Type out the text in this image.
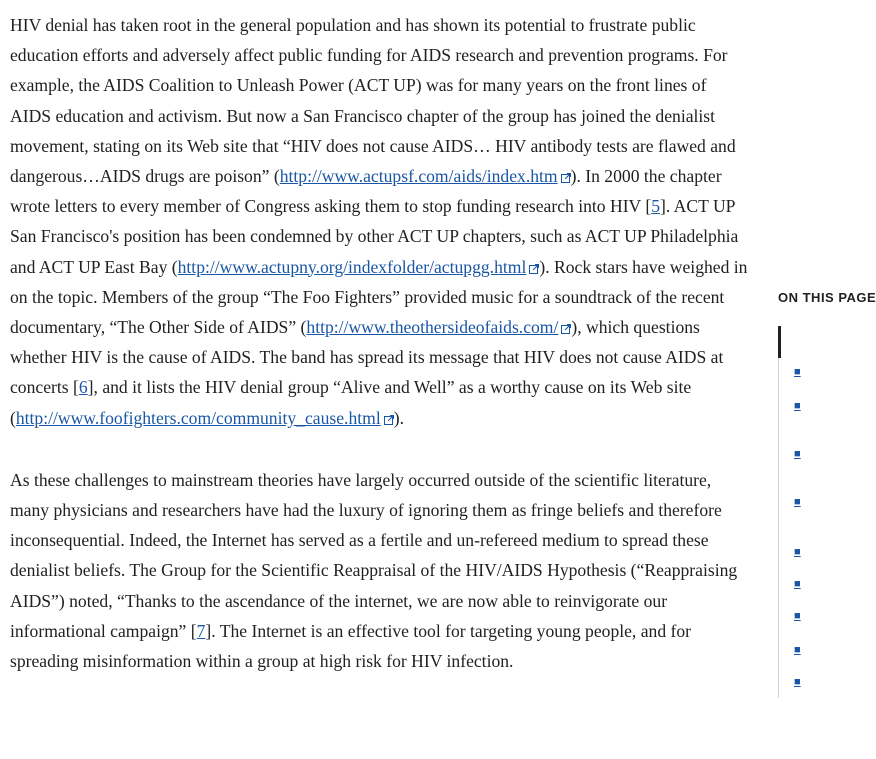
HIV denial has taken root in the general population and has shown its potential to frustrate public education efforts and adversely affect public funding for AIDS research and prevention programs. For example, the AIDS Coalition to Unleash Power (ACT UP) was for many years on the front lines of AIDS education and activism. But now a San Francisco chapter of the group has joined the denialist movement, stating on its Web site that “HIV does not cause AIDS… HIV antibody tests are flawed and dangerous…AIDS drugs are poison” (http://www.actupsf.com/aids/index.htm ). In 2000 the chapter wrote letters to every member of Congress asking them to stop funding research into HIV [5]. ACT UP San Francisco's position has been condemned by other ACT UP chapters, such as ACT UP Philadelphia and ACT UP East Bay (http://www.actupny.org/indexfolder/actupgg.html ). Rock stars have weighed in on the topic. Members of the group “The Foo Fighters” provided music for a soundtrack of the recent documentary, “The Other Side of AIDS” (http://www.theothersideofaids.com/ ), which questions whether HIV is the cause of AIDS. The band has spread its message that HIV does not cause AIDS at concerts [6], and it lists the HIV denial group “Alive and Well” as a worthy cause on its Web site (http://www.foofighters.com/community_cause.html ).

As these challenges to mainstream theories have largely occurred outside of the scientific literature, many physicians and researchers have had the luxury of ignoring them as fringe beliefs and therefore inconsequential. Indeed, the Internet has served as a fertile and un-refereed medium to spread these denialist beliefs. The Group for the Scientific Reappraisal of the HIV/AIDS Hypothesis (“Reappraising AIDS”) noted, “Thanks to the ascendance of the internet, we are now able to reinvigorate our informational campaign” [7]. The Internet is an effective tool for targeting young people, and for spreading misinformation within a group at high risk for HIV infection.

ON THIS PAGE
■
■
■
■
■
■
■
■
■
